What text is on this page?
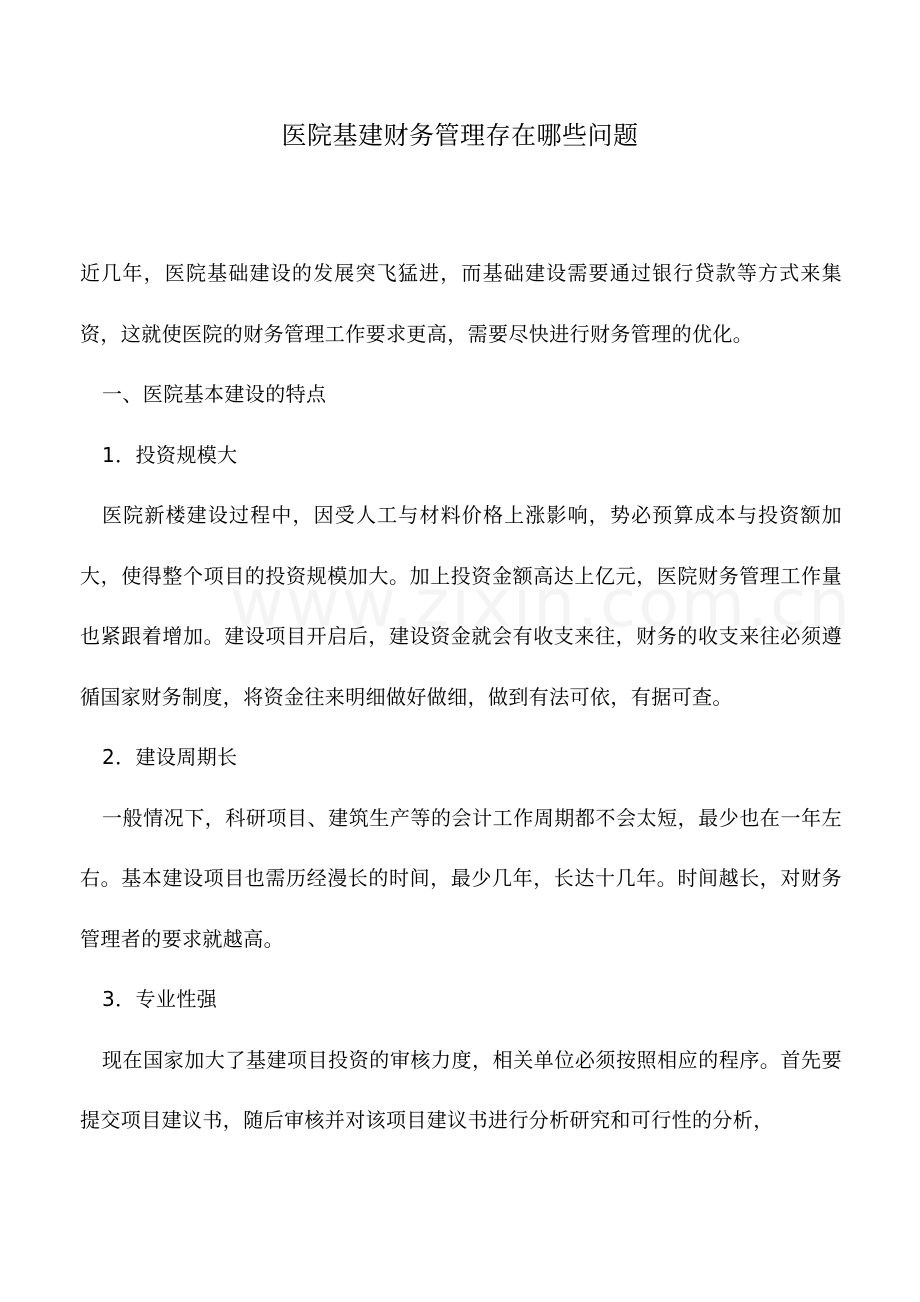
医院基建财务管理存在哪些问题

近几年，医院基础建设的发展突飞猛进，而基础建设需要通过银行贷款等方式来集资，这就使医院的财务管理工作要求更高，需要尽快进行财务管理的优化。

一、医院基本建设的特点

1．投资规模大

医院新楼建设过程中，因受人工与材料价格上涨影响，势必预算成本与投资额加大，使得整个项目的投资规模加大。加上投资金额高达上亿元，医院财务管理工作量也紧跟着增加。建设项目开启后，建设资金就会有收支来往，财务的收支来往必须遵循国家财务制度，将资金往来明细做好做细，做到有法可依，有据可查。

2．建设周期长

一般情况下，科研项目、建筑生产等的会计工作周期都不会太短，最少也在一年左右。基本建设项目也需历经漫长的时间，最少几年，长达十几年。时间越长，对财务管理者的要求就越高。

3．专业性强

现在国家加大了基建项目投资的审核力度，相关单位必须按照相应的程序。首先要提交项目建议书，随后审核并对该项目建议书进行分析研究和可行性的分析，
